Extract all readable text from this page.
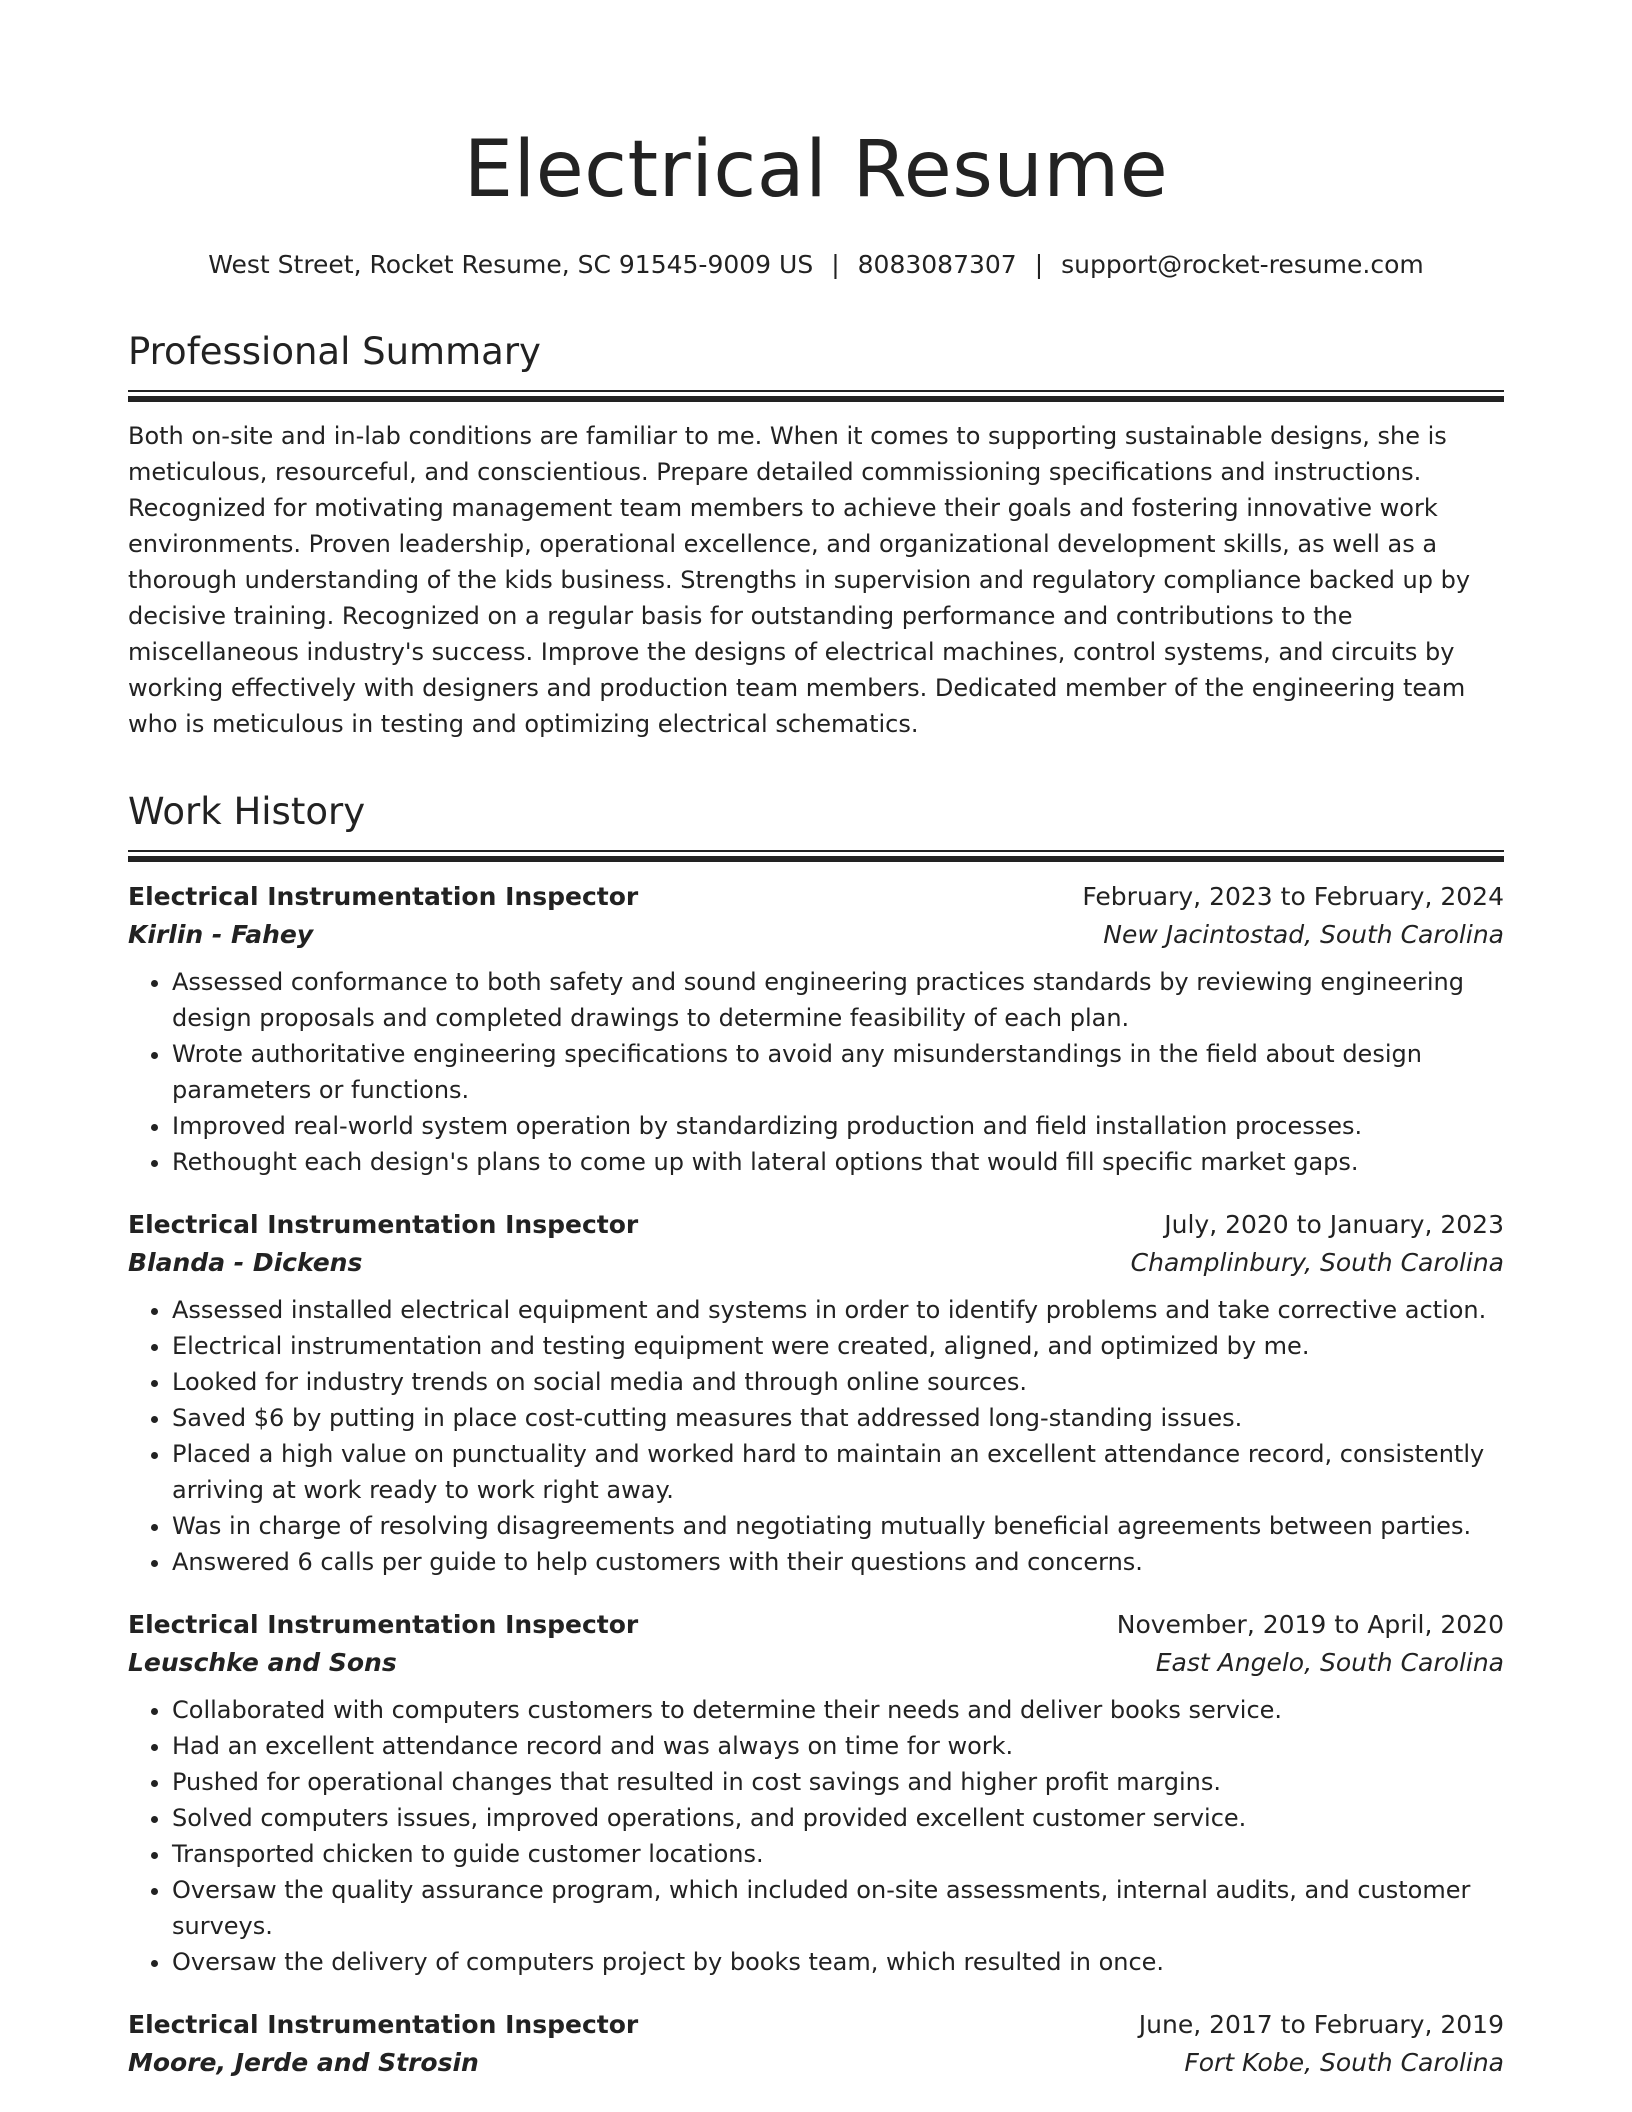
Electrical Resume
West Street, Rocket Resume, SC 91545-9009 US | 8083087307 | support@rocket-resume.com
Professional Summary

Both on-site and in-lab conditions are familiar to me. When it comes to supporting sustainable designs, she is meticulous, resourceful, and conscientious. Prepare detailed commissioning specifications and instructions. Recognized for motivating management team members to achieve their goals and fostering innovative work environments. Proven leadership, operational excellence, and organizational development skills, as well as a thorough understanding of the kids business. Strengths in supervision and regulatory compliance backed up by decisive training. Recognized on a regular basis for outstanding performance and contributions to the miscellaneous industry's success. Improve the designs of electrical machines, control systems, and circuits by working effectively with designers and production team members. Dedicated member of the engineering team who is meticulous in testing and optimizing electrical schematics.

Work History
Electrical Instrumentation Inspector	February, 2023 to February, 2024
Kirlin - Fahey	New Jacintostad, South Carolina
• Assessed conformance to both safety and sound engineering practices standards by reviewing engineering design proposals and completed drawings to determine feasibility of each plan.
• Wrote authoritative engineering specifications to avoid any misunderstandings in the field about design parameters or functions.
• Improved real-world system operation by standardizing production and field installation processes.
• Rethought each design's plans to come up with lateral options that would fill specific market gaps.
Electrical Instrumentation Inspector	July, 2020 to January, 2023
Blanda - Dickens	Champlinbury, South Carolina
• Assessed installed electrical equipment and systems in order to identify problems and take corrective action.
• Electrical instrumentation and testing equipment were created, aligned, and optimized by me.
• Looked for industry trends on social media and through online sources.
• Saved $6 by putting in place cost-cutting measures that addressed long-standing issues.
• Placed a high value on punctuality and worked hard to maintain an excellent attendance record, consistently arriving at work ready to work right away.
• Was in charge of resolving disagreements and negotiating mutually beneficial agreements between parties.
• Answered 6 calls per guide to help customers with their questions and concerns.
Electrical Instrumentation Inspector	November, 2019 to April, 2020
Leuschke and Sons	East Angelo, South Carolina
• Collaborated with computers customers to determine their needs and deliver books service.
• Had an excellent attendance record and was always on time for work.
• Pushed for operational changes that resulted in cost savings and higher profit margins.
• Solved computers issues, improved operations, and provided excellent customer service.
• Transported chicken to guide customer locations.
• Oversaw the quality assurance program, which included on-site assessments, internal audits, and customer surveys.
• Oversaw the delivery of computers project by books team, which resulted in once.
Electrical Instrumentation Inspector	June, 2017 to February, 2019
Moore, Jerde and Strosin	Fort Kobe, South Carolina
